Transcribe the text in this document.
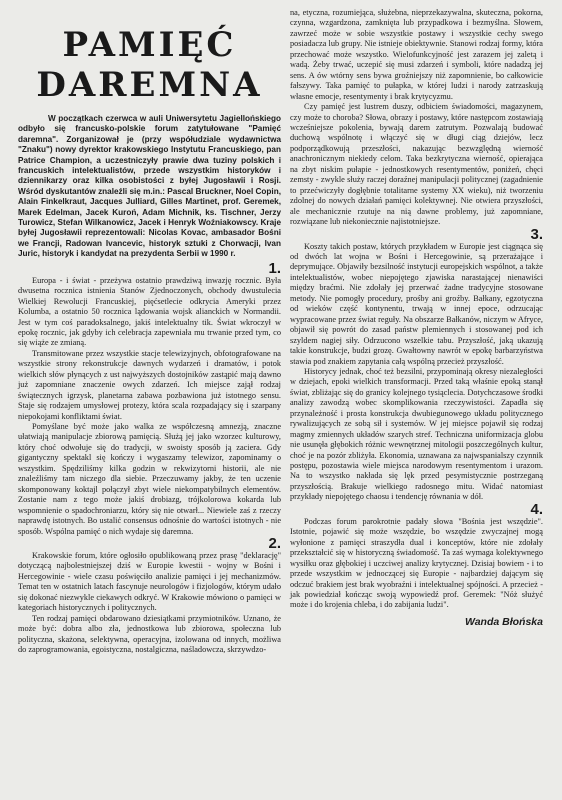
PAMIĘĆ
DAREMNA
W początkach czerwca w auli Uniwersytetu Jagiellońskiego odbyło się francusko-polskie forum zatytułowane "Pamięć daremna". Zorganizował je (przy współudziale wydawnictwa "Znaku") nowy dyrektor krakowskiego Instytutu Francuskiego, pan Patrice Champion, a uczestniczyły prawie dwa tuziny polskich i francuskich intelektualistów, przede wszystkim historyków i dziennikarzy oraz kilka osobistości z byłej Jugosławii i Rosji. Wśród dyskutantów znaleźli się m.in.: Pascal Bruckner, Noel Copin, Alain Finkelkraut, Jacques Julliard, Gilles Martinet, prof. Geremek, Marek Edelman, Jacek Kuroń, Adam Michnik, ks. Tischner, Jerzy Turowicz, Stefan Wilkanowicz, Jacek i Henryk Woźniakowscy. Kraje byłej Jugosławii reprezentowali: Nicolas Kovac, ambasador Bośni we Francji, Radowan Ivancevic, historyk sztuki z Chorwacji, Ivan Juric, historyk i kandydat na prezydenta Serbii w 1990 r.
1.

Europa - i świat - przeżywa ostatnio prawdziwą inwazję rocznic. Była dwusetna rocznica istnienia Stanów Zjednoczonych, obchody dwustulecia Wielkiej Rewolucji Francuskiej, pięćsetlecie odkrycia Ameryki przez Kolumba, a ostatnio 50 rocznica lądowania wojsk alianckich w Normandii. Jest w tym coś paradoksalnego, jakiś intelektualny tik. Świat wkroczył w epokę rocznic, jak gdyby ich celebracja zapewniała mu trwanie przed tym, co się wiąże ze zmianą.

Transmitowane przez wszystkie stacje telewizyjnych, obfotografowane na wszystkie strony rekonstrukcje dawnych wydarzeń i dramatów, i potok wielkich słów płynących z ust najwyższych dostojników zastąpić mają dawno już zapomniane znaczenie owych zdarzeń. Ich miejsce zajął rodzaj świątecznych igrzysk, planetarna zabawa pozbawiona już istotnego sensu. Staje się rodzajem umysłowej protezy, która scala rozpadający się i szarpany niepokojami konfliktami świat.

Pomyślane być może jako walka ze współczesną amnezją, znaczne ułatwiają manipulacje zbiorową pamięcią. Służą jej jako wzorzec kulturowy, który choć odwołuje się do tradycji, w swoisty sposób ją zaciera. Gdy gigantyczny spektakl się kończy i wygaszamy telewizor, zapominamy o wszystkim. Spędziliśmy kilka godzin w rekwizytorni historii, ale nie znaleźliśmy tam niczego dla siebie. Przeczuwamy jakby, że ten uczenie skomponowany koktajl połączył zbyt wiele niekompatybilnych elementów. Zostanie nam z tego może jakiś drobiazg, trójkolorowa kokarda lub wspomnienie o spadochroniarzu, który się nie otwarł... Niewiele zaś z rzeczy naprawdę istotnych. Bo ustalić consensus odnośnie do wartości istotnych - nie sposób. Wspólna pamięć o nich wydaje się daremna.

2.

Krakowskie forum, które ogłosiło opublikowaną przez prasę "deklarację" dotyczącą najbolestniejszej dziś w Europie kwestii - wojny w Bośni i Hercegowinie - wiele czasu poświęciło analizie pamięci i jej mechanizmów. Temat ten w ostatnich latach fascynuje neurologów i fizjologów, którym udało się dokonać niezwykle ciekawych odkryć. W Krakowie mówiono o pamięci w kategoriach historycznych i politycznych.

Ten rodzaj pamięci obdarowano dziesiątkami przymiotników. Uznano, że może być: dobra albo zła, jednostkowa lub zbiorowa, społeczna lub polityczna, skażona, selektywna, operacyjna, izolowana od innych, możliwa do zaprogramowania, egoistyczna, nostalgiczna, naśladowcza, skrzywdzo-

na, etyczna, rozumiejąca, służebna, nieprzekazywalna, skuteczna, pokorna, czynna, wzgardzona, zamknięta lub przypadkowa i bezmyślna. Słowem, zawrzeć może w sobie wszystkie postawy i wszystkie cechy swego posiadacza lub grupy. Nie istnieje obiektywnie. Stanowi rodzaj formy, która przechować może wszystko. Wielofunkcyjność jest zarazem jej zaletą i wadą. Żeby trwać, uczepić się musi zdarzeń i symboli, które nadadzą jej sens. A ów wtórny sens bywa groźniejszy niż zapomnienie, bo całkowicie fałszywy. Taka pamięć to pułapka, w której ludzi i narody zatrzaskują własne emocje, resentymenty i brak krytycyzmu.

Czy pamięć jest lustrem duszy, odbiciem świadomości, magazynem, czy może to choroba? Słowa, obrazy i postawy, które następcom zostawiają wcześniejsze pokolenia, bywają darem zatrutym. Pozwalają budować duchową wspólnotę i włączyć się w długi ciąg dziejów, lecz podporządkowują przeszłości, nakazując bezwzględną wierność anachronicznym niekiedy celom. Taka bezkrytyczna wierność, opierająca na zbyt niskim pułapie - jednostkowych resentymentów, poniżeń, chęci zemsty - zwykle służy raczej doraźnej manipulacji politycznej (zagadnienie to przećwiczyły dogłębnie totalitarne systemy XX wieku), niż tworzeniu zdolnej do nowych działań pamięci kolektywnej. Nie otwiera przyszłości, ale mechanicznie rzutuje na nią dawne problemy, już zapomniane, rozwiązane lub niekoniecznie najistotniejsze.

3.

Koszty takich postaw, których przykładem w Europie jest ciągnąca się od dwóch lat wojna w Bośni i Hercegowinie, są przerażające i deprymujące. Objawiły bezsilność instytucji europejskich wspólnot, a także intelektualistów, wobec niepojętego zjawiska narastającej nienawiści między braćmi. Nie zdołały jej przerwać żadne tradycyjne stosowane metody. Nie pomogły procedury, prośby ani groźby. Bałkany, egzotyczna od wieków część kontynentu, trwają w innej epoce, odrzucając wypracowane przez świat reguły. Na obszarze Bałkanów, niczym w Afryce, objawił się powrót do zasad państw plemiennych i stosowanej pod ich szyldem nagiej siły. Odrzucono wszelkie tabu. Przyszłość, jaką ukazują takie konstrukcje, budzi grozę. Gwałtowny nawrót w epokę barbarzyństwa stawia pod znakiem zapytania całą wspólną przecież przyszłość.

Historycy jednak, choć też bezsilni, przypominają okresy niezaległości w dziejach, epoki wielkich transformacji. Przed taką właśnie epoką stanął świat, zbliżając się do granicy kolejnego tysiąclecia. Dotychczasowe środki analizy zawodzą wobec skomplikowania rzeczywistości. Zapadła się przynależność i prosta konstrukcja dwubiegunowego układu politycznego rywalizujących ze sobą sił i systemów. W jej miejsce pojawił się rodzaj magmy zmiennych układów szarych stref. Techniczna uniformizacja globu nie usunęła głębokich różnic wewnętrznej mitologii poszczególnych kultur, choć je na pozór zbliżyła. Ekonomia, uznawana za najwspanialszy czynnik postępu, pozostawia wiele miejsca narodowym resentymentom i urazom. Na to wszystko nakłada się lęk przed pesymistycznie postrzeganą przyszłością. Brakuje wielkiego radosnego mitu. Widać natomiast przykłady niepojętego chaosu i tendencję równania w dół.

4.

Podczas forum parokrotnie padały słowa "Bośnia jest wszędzie". Istotnie, pojawić się może wszędzie, bo wszędzie zwyczajnej mogą wyłonione z pamięci straszydła dual i konceptów, które nie zdołały przekształcić się w historyczną świadomość. Ta zaś wymaga kolektywnego wysiłku oraz głębokiej i uczciwej analizy krytycznej. Dzisiaj bowiem - i to przede wszystkim w jednoczącej się Europie - najbardziej dającym się odczuć brakiem jest brak wyobraźni i intelektualnej spójności. A przecież - jak powiedział kończąc swoją wypowiedź prof. Geremek: "Nóż służyć może i do krojenia chleba, i do zabijania ludzi".

Wanda Błońska
